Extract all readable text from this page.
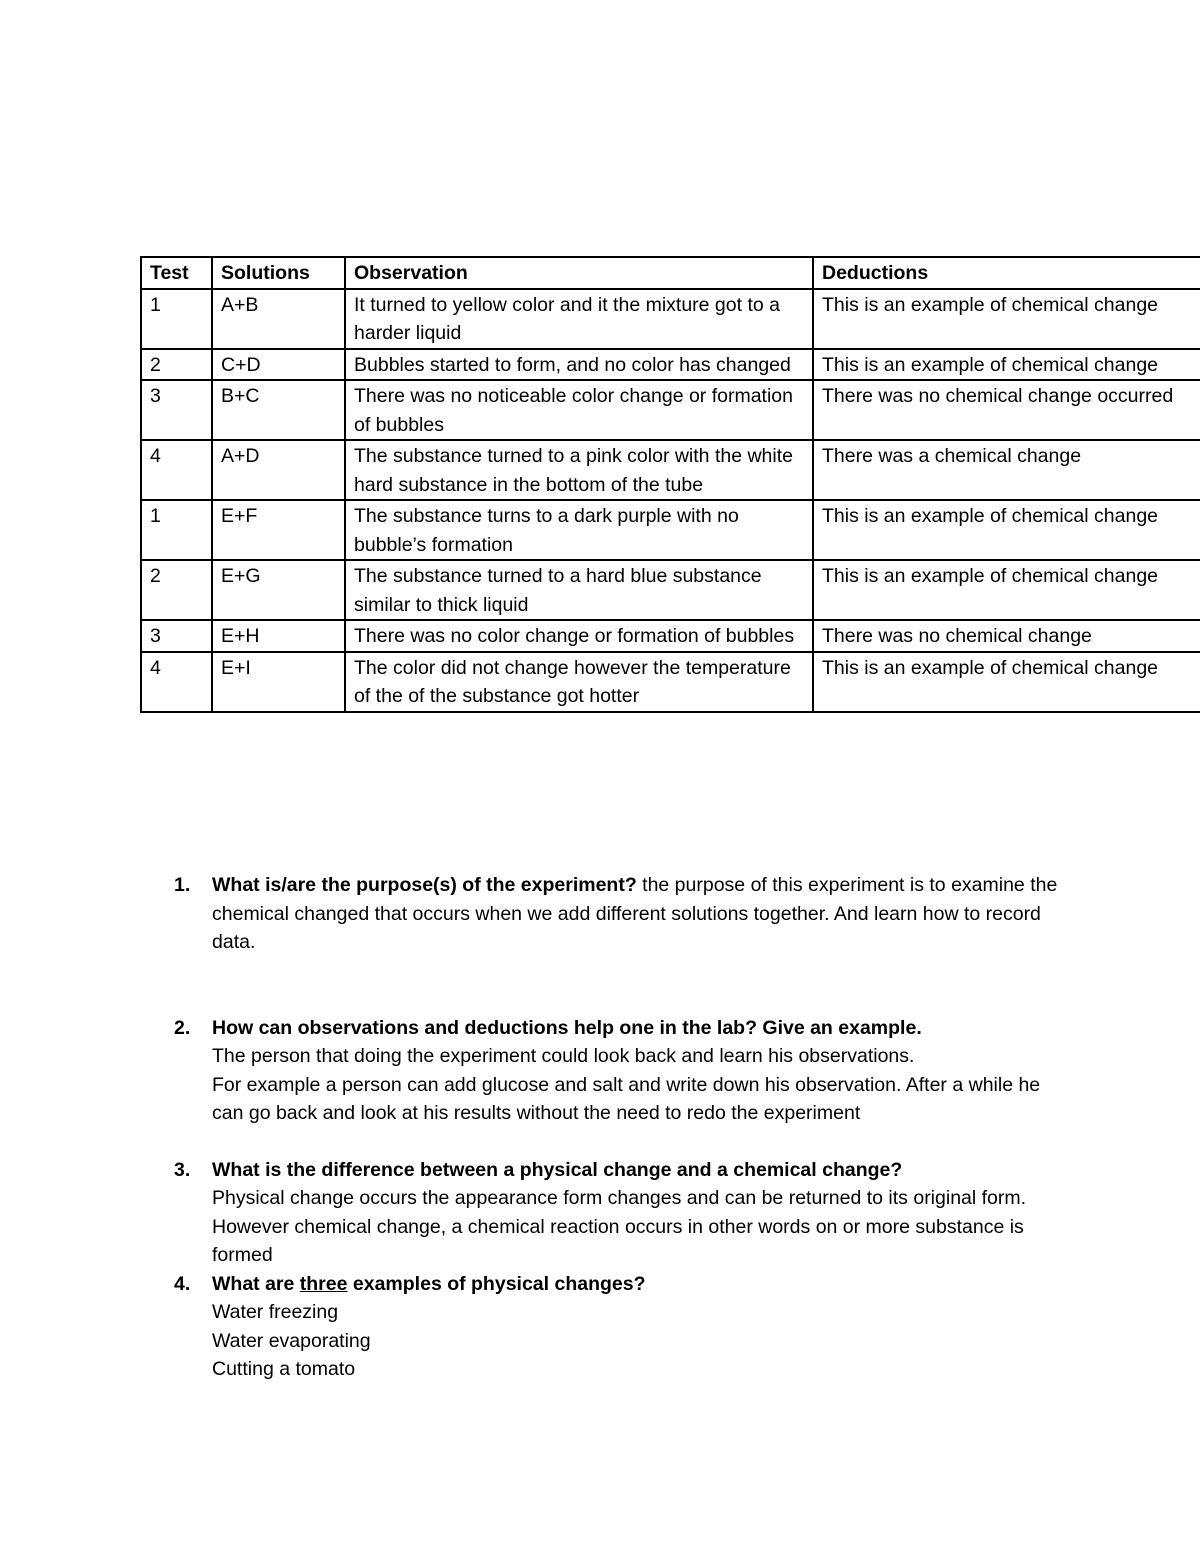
Test	Solutions	Observation	Deductions
1	A+B	It turned to yellow color and it the mixture got to a harder liquid	This is an example of chemical change
2	C+D	Bubbles started to form, and no color has changed	This is an example of chemical change
3	B+C	There was no noticeable color change or formation of bubbles	There was no chemical change occurred
4	A+D	The substance turned to a pink color with the white hard substance in the bottom of the tube	There was a chemical change
1	E+F	The substance turns to a dark purple with no bubble’s formation	This is an example of chemical change
2	E+G	The substance turned to a hard blue substance similar to thick liquid	This is an example of chemical change
3	E+H	There was no color change or formation of bubbles	There was no chemical change
4	E+I	The color did not change however the temperature of the of the substance got hotter	This is an example of chemical change
1. What is/are the purpose(s) of the experiment? the purpose of this experiment is to examine the chemical changed that occurs when we add different solutions together. And learn how to record data.
2. How can observations and deductions help one in the lab? Give an example.
The person that doing the experiment could look back and learn his observations.
For example a person can add glucose and salt and write down his observation. After a while he can go back and look at his results without the need to redo the experiment
3. What is the difference between a physical change and a chemical change?
Physical change occurs the appearance form changes and can be returned to its original form. However chemical change, a chemical reaction occurs in other words on or more substance is formed
4. What are three examples of physical changes?
Water freezing
Water evaporating
Cutting a tomato
